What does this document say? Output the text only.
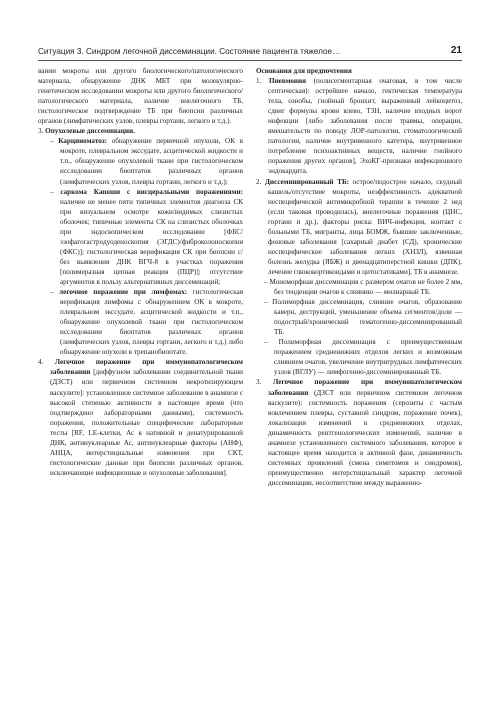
Ситуация 3. Синдром легочной диссеминации. Состояние пациента тяжелое…	21

вании мокроты или другого биологического/патологического материала, обнаружение ДНК МБТ при молекулярно-генетическом исследовании мокроты или другого биологического/патологического материала, наличие внелегочного ТБ, гистологическое подтверждение ТБ при биопсии различных органов (лимфатических узлов, плевры гортани, легкого и т.д.).

3. Опухолевые диссеминации.

– Карциноматоз: обнаружение первичной опухоли, ОК в мокроте, плевральном экссудате, асцитической жидкости и т.п., обнаружение опухолевой ткани при гистологическом исследовании биоптатов различных органов (лимфатических узлов, плевры гортани, легкого и т.д.);

– саркома Капоши с висцеральными поражениями: наличие не менее пяти типичных элементов диагноза СК при визуальном осмотре кожи/видимых слизистых оболочек; типичные элементы СК на слизистых оболочках при эндоскопическом исследовании [ФБС/эзофагогастродуоденоскопия (ЭГДС)/фиброколоноскопия (ФКС)]; гистологическая верификация СК при биопсии с/без выявления ДНК ВГЧ-8 в участках поражения [полимеразная цепная реакция (ПЦР)]; отсутствие аргументов в пользу альтернативных диссеминаций;

– легочное поражение при лимфомах: гистологическая верификация лимфомы с обнаружением ОК в мокроте, плевральном экссудате, асцитической жидкости и т.п., обнаружение опухолевой ткани при гистологическом исследовании биоптатов различных органов (лимфатических узлов, плевры гортани, легкого и т.д.) либо обнаружение опухоли в трепанобиоптате.

4. Легочное поражение при иммунопатологическом заболевании [диффузном заболевании соединительной ткани (ДЗСТ) или первичном системном некротизирующем васкулите]: установленное системное заболевание в анамнезе с высокой степенью активности в настоящее время (что подтверждено лабораторными данными), системность поражения, положительные специфические лабораторные тесты [RF, LE-клетки, Ас к нативной и денатурированной ДНК, антинуклеарные Ас, антинуклеарные факторы (АНФ), АНЦА, интерстициальные изменения при СКТ, гистологические данные при биопсии различных органов, исключающие инфекционные и опухолевые заболевания].

Основания для предпочтения

1. Пневмония (полисегментарная очаговая, в том числе септическая): острейшее начало, гектическая температура тела, ознобы, гнойный бронхит, выраженный лейкоцитоз, сдвиг формулы крови влево, ТЗН, наличие входных ворот инфекции [либо заболевания после травмы, операции, вмешательств по поводу ЛОР-патологии, стоматологической патологии, наличие внутривенного катетера, внутривенное потребление психоактивных веществ, наличие гнойного поражения других органов], ЭхоКГ-признаки инфекционного эндокардита.

2. Диссеминированный ТБ: острое/подострое начало, скудный кашель/отсутствие мокроты, неэффективность адекватной неспецифической антимикробной терапии в течение 2 нед (если таковая проводилась), внелегочные поражения (ЦНС, гортани и др.), факторы риска: ВИЧ-инфекция, контакт с больными ТБ, мигранты, лица БОМЖ, бывшие заключенные, фоновые заболевания [сахарный диабет (СД), хронические неспецифические заболевания легких (ХНЗЛ), язвенная болезнь желудка (ЯБЖ) и двенадцатиперстной кишки (ДПК), лечение глюкокортикоидами и цитостатиками], ТБ в анамнезе.

– Мономорфная диссеминация с размером очагов не более 2 мм, без тенденции очагов к слиянию — милиарный ТБ.

– Полиморфная диссеминация, слияние очагов, образование каверн, деструкций, уменьшение объема сегментов/доли — подострый/хронический гематогенно-диссеминированный ТБ.

– Полиморфная диссеминация с преимущественным поражением средненижних отделов легких и возможным слиянием очагов, увеличение внутригрудных лимфатических узлов (ВГЛУ) — лимфогенно-диссеминированный ТБ.

3. Легочное поражение при иммунопатологическом заболевании (ДЗСТ или первичном системном легочном васкулите): системность поражения (серозиты с частым вовлечением плевры, суставной синдром, поражение почек), локализация изменений в средненижних отделах, динамичность рентгенологических изменений, наличие в анамнезе установленного системного заболевания, которое в настоящее время находится в активной фазе, динамичность системных проявлений (смена симптомов и синдромов), преимущественно интерстициальный характер легочной диссеминации, несоответствие между выраженно-
